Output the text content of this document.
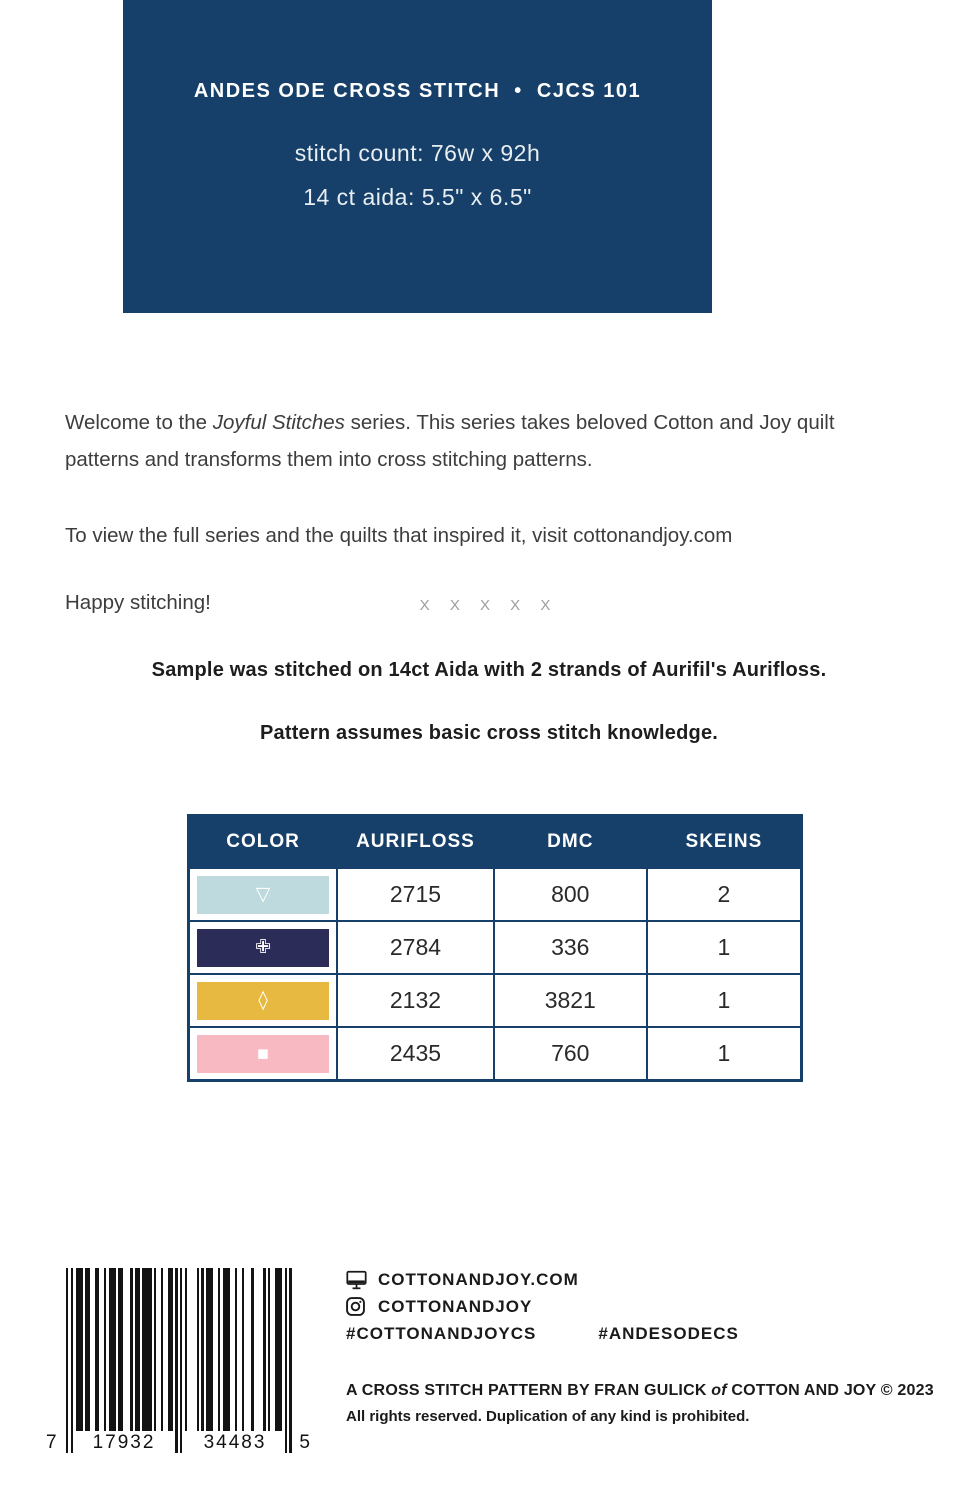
ANDES ODE CROSS STITCH  •  CJCS 101
stitch count: 76w x 92h
14 ct aida: 5.5" x 6.5"

Welcome to the Joyful Stitches series. This series takes beloved Cotton and Joy quilt patterns and transforms them into cross stitching patterns.

To view the full series and the quilts that inspired it, visit cottonandjoy.com

Happy stitching!	X X X X X
Sample was stitched on 14ct Aida with 2 strands of Aurifil's Aurifloss.
Pattern assumes basic cross stitch knowledge.
COLOR	AURIFLOSS	DMC	SKEINS

▽	2715	800	2

✙	2784	336	1

◊	2132	3821	1

▪	2435	760	1
7	17932	34483	5
COTTONANDJOY.COM
COTTONANDJOY
#COTTONANDJOYCS	#ANDESODECS
A CROSS STITCH PATTERN BY FRAN GULICK of COTTON AND JOY © 2023
All rights reserved. Duplication of any kind is prohibited.
